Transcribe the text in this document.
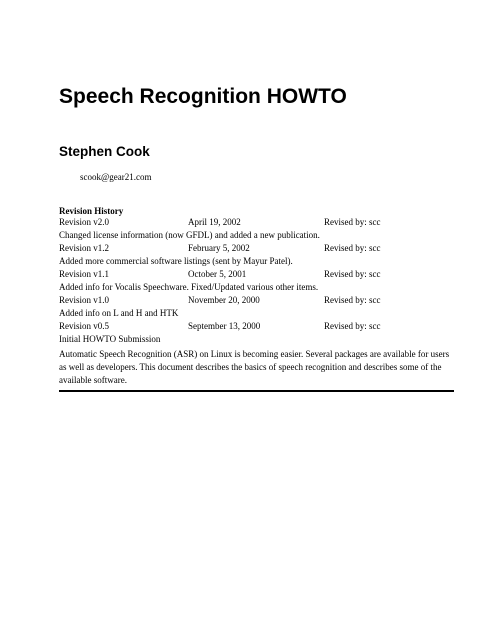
Speech Recognition HOWTO
Stephen Cook
scook@gear21.com
Revision History
Revision v2.0	April 19, 2002	Revised by: scc
Changed license information (now GFDL) and added a new publication.
Revision v1.2	February 5, 2002	Revised by: scc
Added more commercial software listings (sent by Mayur Patel).
Revision v1.1	October 5, 2001	Revised by: scc
Added info for Vocalis Speechware. Fixed/Updated various other items.
Revision v1.0	November 20, 2000	Revised by: scc
Added info on L and H and HTK
Revision v0.5	September 13, 2000	Revised by: scc
Initial HOWTO Submission
Automatic Speech Recognition (ASR) on Linux is becoming easier. Several packages are available for users as well as developers. This document describes the basics of speech recognition and describes some of the available software.
